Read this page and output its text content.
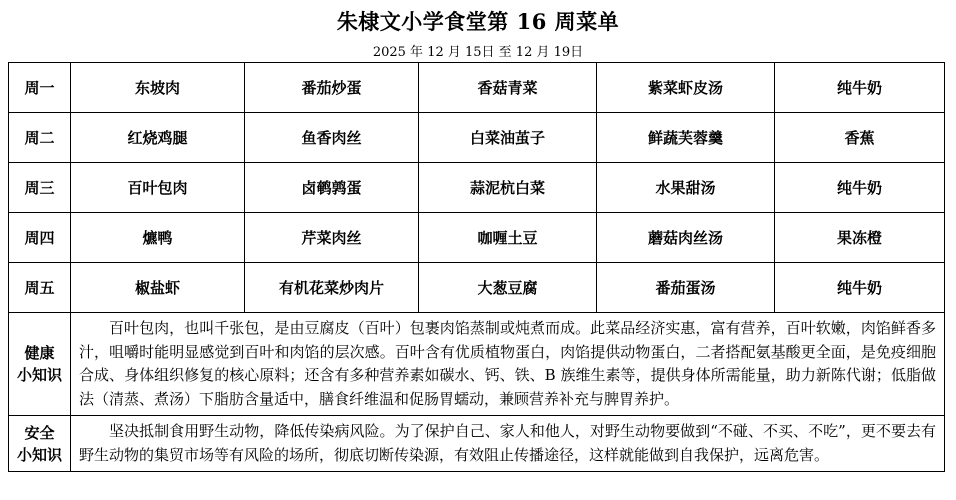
朱棣文小学食堂第 16 周菜单
2025 年 12 月 15日 至 12 月 19日
周一	东坡肉	番茄炒蛋	香菇青菜	紫菜虾皮汤	纯牛奶
周二	红烧鸡腿	鱼香肉丝	白菜油茧子	鲜蔬芙蓉羹	香蕉
周三	百叶包肉	卤鹌鹑蛋	蒜泥杭白菜	水果甜汤	纯牛奶
周四	爊鸭	芹菜肉丝	咖喱土豆	蘑菇肉丝汤	果冻橙
周五	椒盐虾	有机花菜炒肉片	大葱豆腐	番茄蛋汤	纯牛奶

健康
小知识	百叶包肉，也叫千张包，是由豆腐皮（百叶）包裹肉馅蒸制或炖煮而成。此菜品经济实惠，富有营养，百叶软嫩，肉馅鲜香多汁，咀嚼时能明显感觉到百叶和肉馅的层次感。百叶含有优质植物蛋白，肉馅提供动物蛋白，二者搭配氨基酸更全面，是免疫细胞合成、身体组织修复的核心原料；还含有多种营养素如碳水、钙、铁、B 族维生素等，提供身体所需能量，助力新陈代谢；低脂做法（清蒸、煮汤）下脂肪含量适中，膳食纤维温和促肠胃蠕动，兼顾营养补充与脾胃养护。				

安全
小知识	坚决抵制食用野生动物，降低传染病风险。为了保护自己、家人和他人，对野生动物要做到“不碰、不买、不吃”，更不要去有野生动物的集贸市场等有风险的场所，彻底切断传染源，有效阻止传播途径，这样就能做到自我保护，远离危害。				
